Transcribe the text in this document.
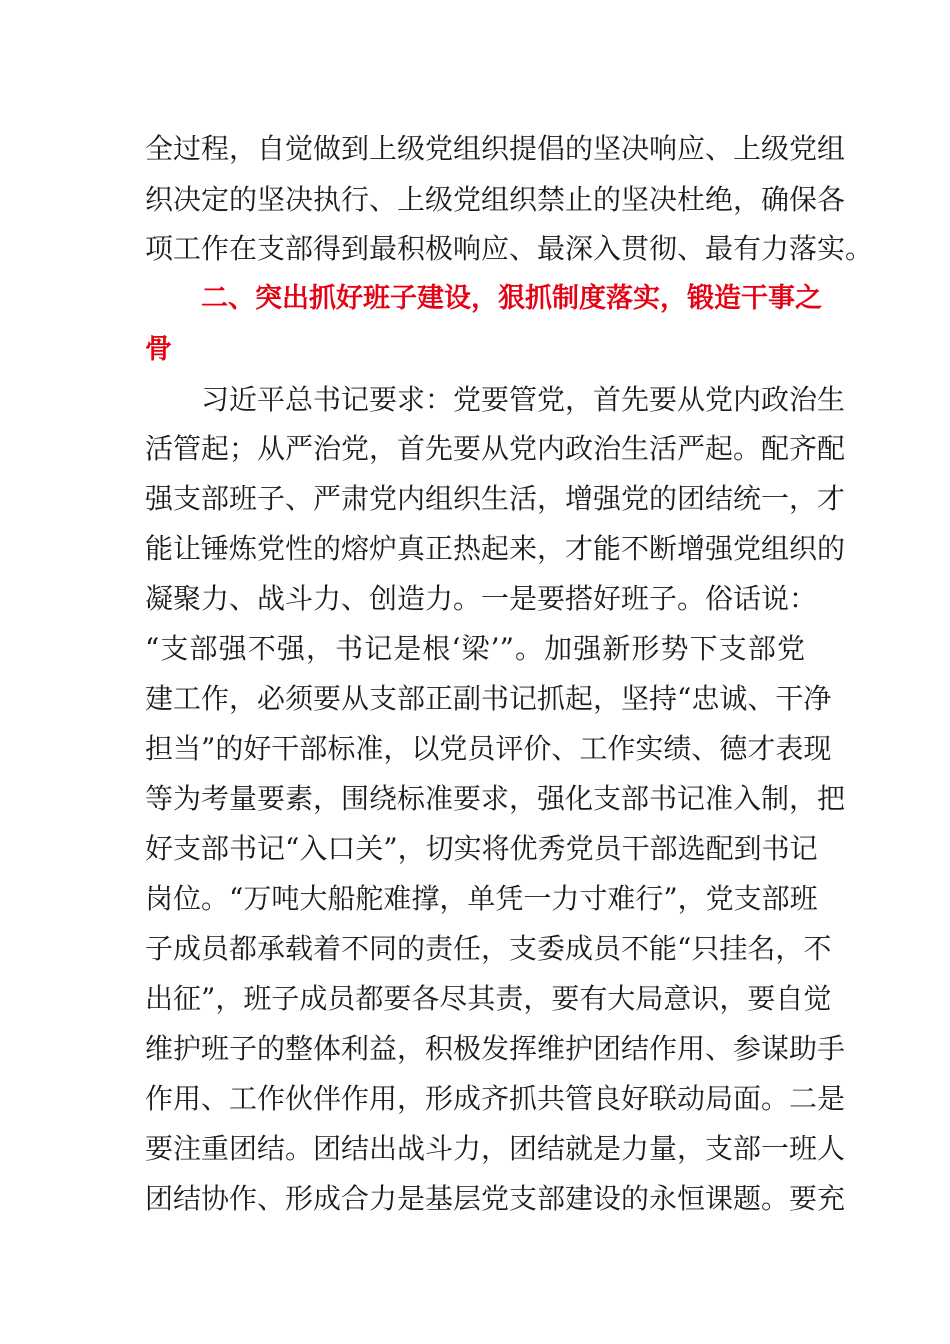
全过程，自觉做到上级党组织提倡的坚决响应、上级党组
织决定的坚决执行、上级党组织禁止的坚决杜绝，确保各
项工作在支部得到最积极响应、最深入贯彻、最有力落实。
二、突出抓好班子建设，狠抓制度落实，锻造干事之
骨
习近平总书记要求：党要管党，首先要从党内政治生
活管起；从严治党，首先要从党内政治生活严起。配齐配
强支部班子、严肃党内组织生活，增强党的团结统一，才
能让锤炼党性的熔炉真正热起来，才能不断增强党组织的
凝聚力、战斗力、创造力。一是要搭好班子。俗话说：
“支部强不强，书记是根‘梁’”。加强新形势下支部党
建工作，必须要从支部正副书记抓起，坚持“忠诚、干净
担当”的好干部标准，以党员评价、工作实绩、德才表现
等为考量要素，围绕标准要求，强化支部书记准入制，把
好支部书记“入口关”，切实将优秀党员干部选配到书记
岗位。“万吨大船舵难撑，单凭一力寸难行”，党支部班
子成员都承载着不同的责任，支委成员不能“只挂名，不
出征”，班子成员都要各尽其责，要有大局意识，要自觉
维护班子的整体利益，积极发挥维护团结作用、参谋助手
作用、工作伙伴作用，形成齐抓共管良好联动局面。二是
要注重团结。团结出战斗力，团结就是力量，支部一班人
团结协作、形成合力是基层党支部建设的永恒课题。要充
